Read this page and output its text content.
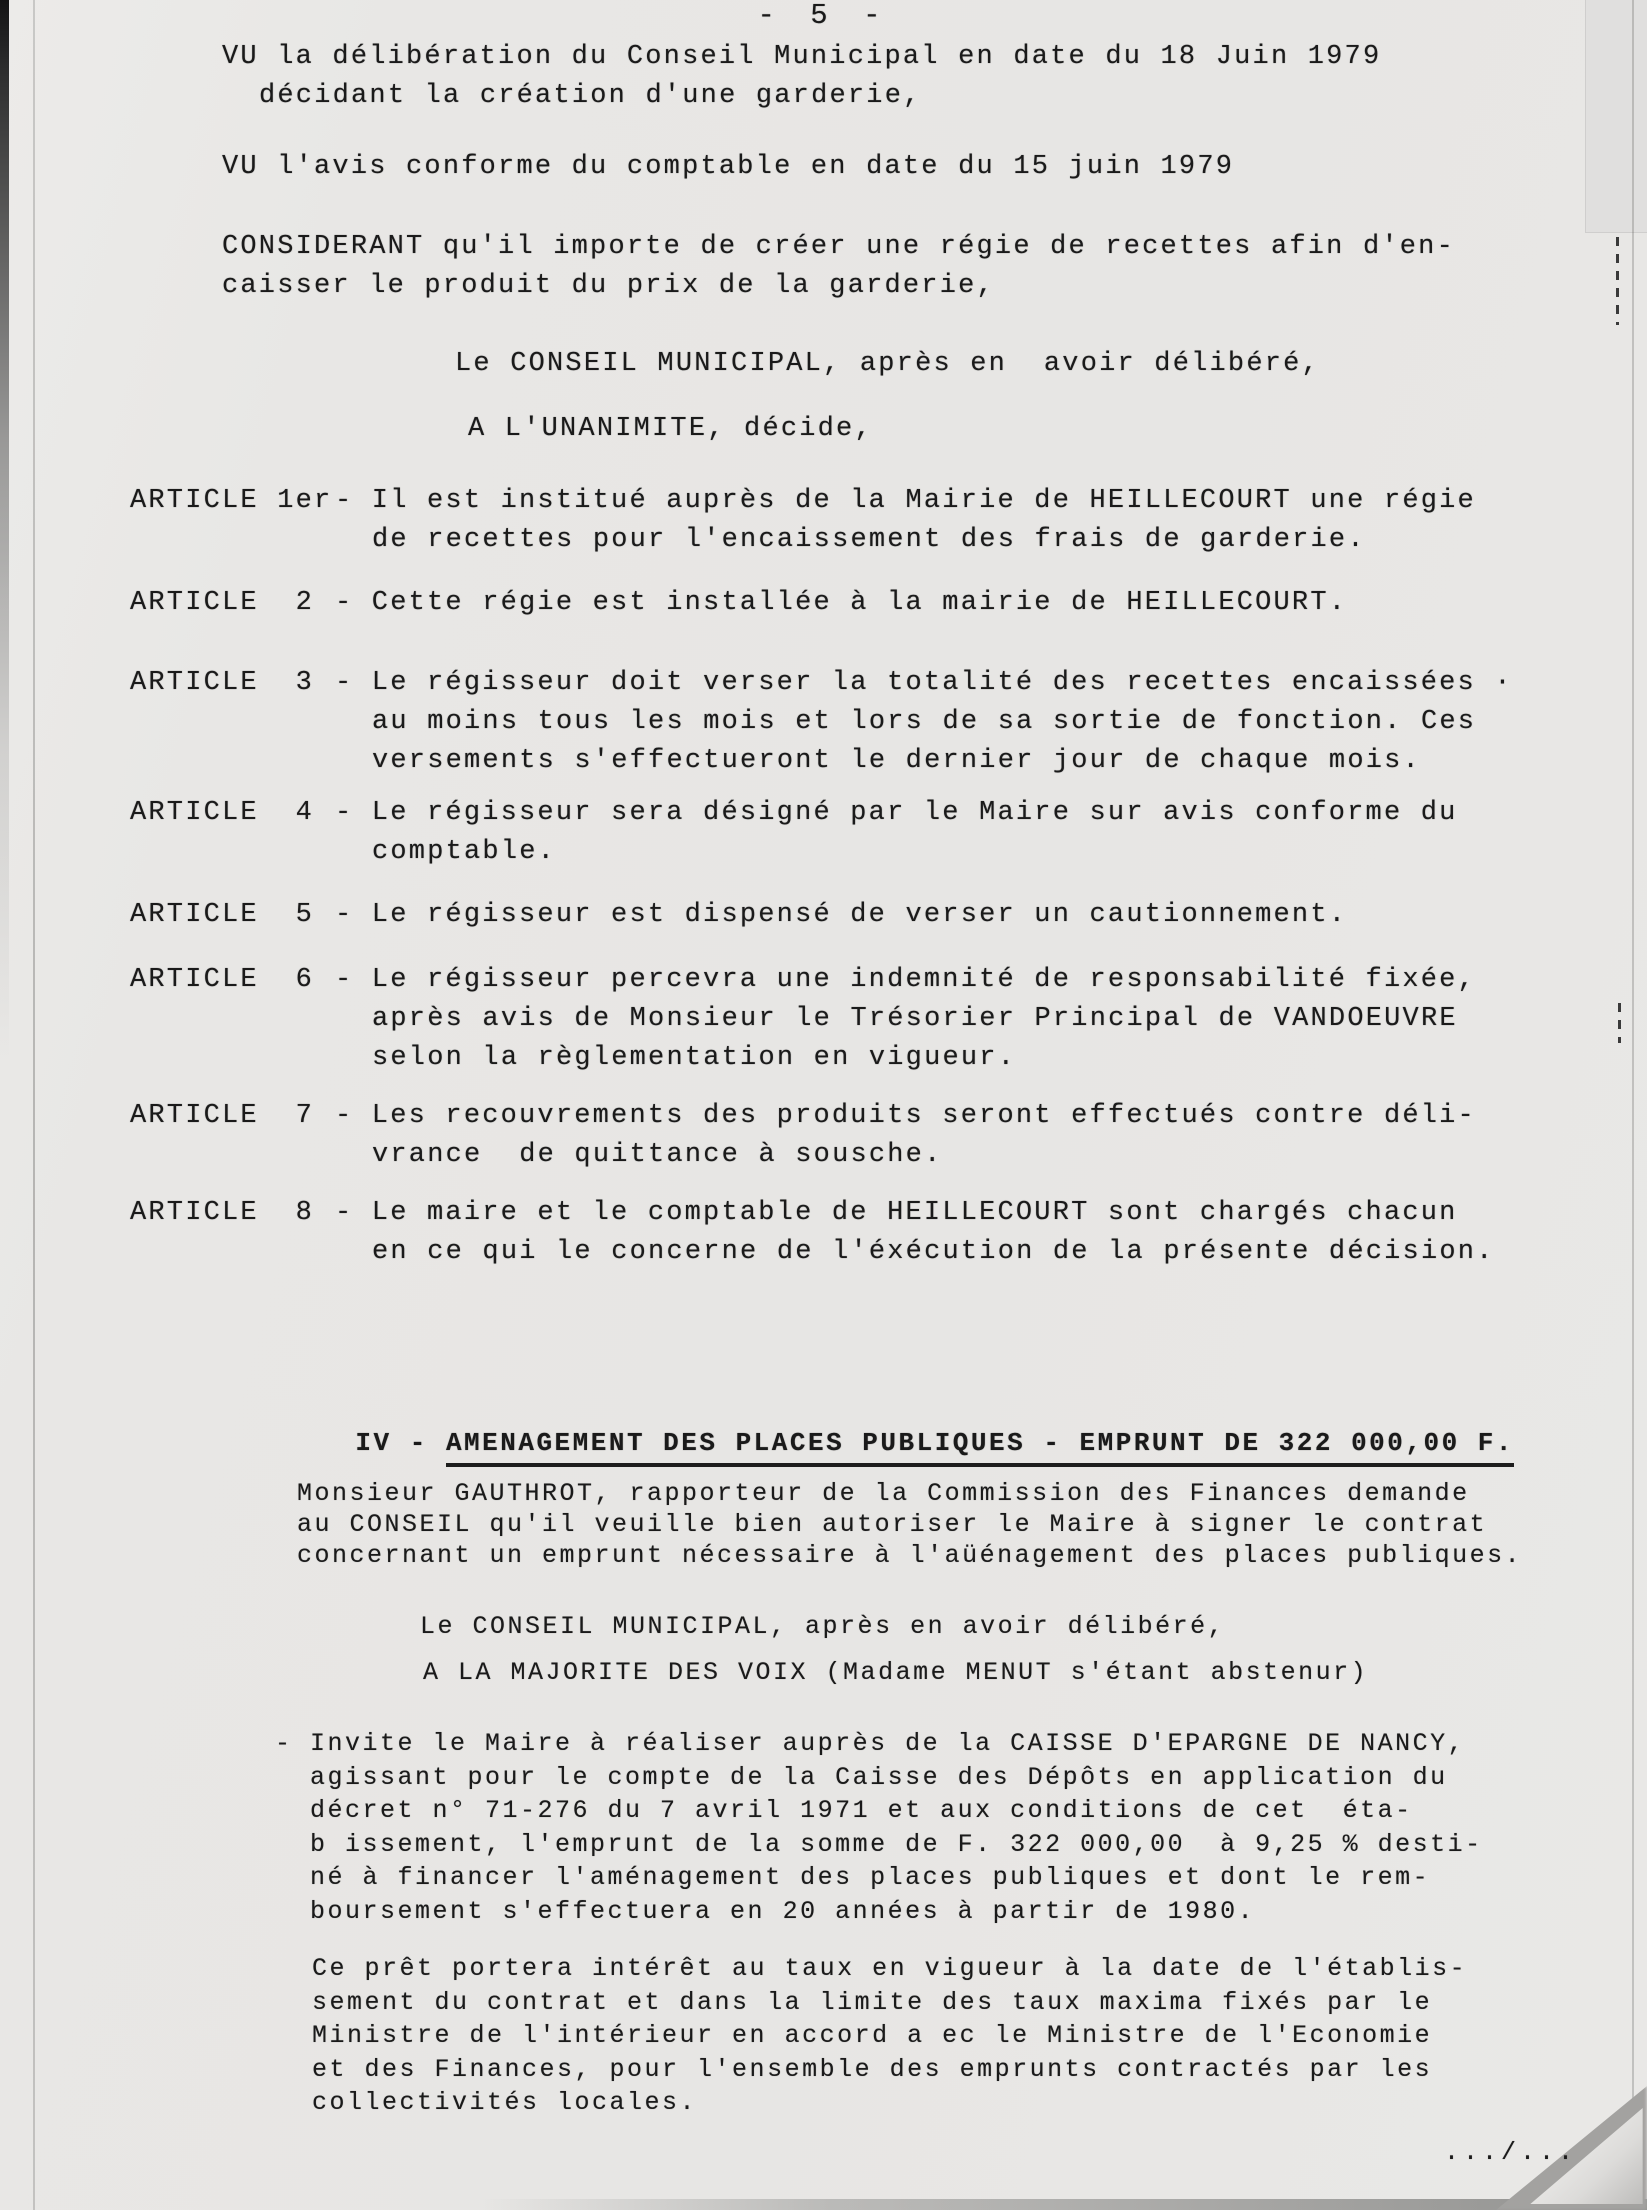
- 5 -
VU la délibération du Conseil Municipal en date du 18 Juin 1979
décidant la création d'une garderie,
VU l'avis conforme du comptable en date du 15 juin 1979
CONSIDERANT qu'il importe de créer une régie de recettes afin d'en-
caisser le produit du prix de la garderie,
Le CONSEIL MUNICIPAL, après en  avoir délibéré,
A L'UNANIMITE, décide,
ARTICLE 1er - Il est institué auprès de la Mairie de HEILLECOURT une régie
de recettes pour l'encaissement des frais de garderie.
ARTICLE  2 - Cette régie est installée à la mairie de HEILLECOURT.
ARTICLE  3 - Le régisseur doit verser la totalité des recettes encaissées ·
au moins tous les mois et lors de sa sortie de fonction. Ces
versements s'effectueront le dernier jour de chaque mois.
ARTICLE  4 - Le régisseur sera désigné par le Maire sur avis conforme du
comptable.
ARTICLE  5 - Le régisseur est dispensé de verser un cautionnement.
ARTICLE  6 - Le régisseur percevra une indemnité de responsabilité fixée,
après avis de Monsieur le Trésorier Principal de VANDOEUVRE
selon la règlementation en vigueur.
ARTICLE  7 - Les recouvrements des produits seront effectués contre déli-
vrance  de quittance à sousche.
ARTICLE  8 - Le maire et le comptable de HEILLECOURT sont chargés chacun
en ce qui le concerne de l'éxécution de la présente décision.

IV - AMENAGEMENT DES PLACES PUBLIQUES - EMPRUNT DE 322 000,00 F.

Monsieur GAUTHROT, rapporteur de la Commission des Finances demande
au CONSEIL qu'il veuille bien autoriser le Maire à signer le contrat
concernant un emprunt nécessaire à l'aüénagement des places publiques.
Le CONSEIL MUNICIPAL, après en avoir délibéré,
A LA MAJORITE DES VOIX (Madame MENUT s'étant abstenur)
- Invite le Maire à réaliser auprès de la CAISSE D'EPARGNE DE NANCY,
agissant pour le compte de la Caisse des Dépôts en application du
décret n° 71-276 du 7 avril 1971 et aux conditions de cet  éta-
b issement, l'emprunt de la somme de F. 322 000,00  à 9,25 % desti-
né à financer l'aménagement des places publiques et dont le rem-
boursement s'effectuera en 20 années à partir de 1980.
Ce prêt portera intérêt au taux en vigueur à la date de l'établis-
sement du contrat et dans la limite des taux maxima fixés par le
Ministre de l'intérieur en accord a ec le Ministre de l'Economie
et des Finances, pour l'ensemble des emprunts contractés par les
collectivités locales.
.../...
